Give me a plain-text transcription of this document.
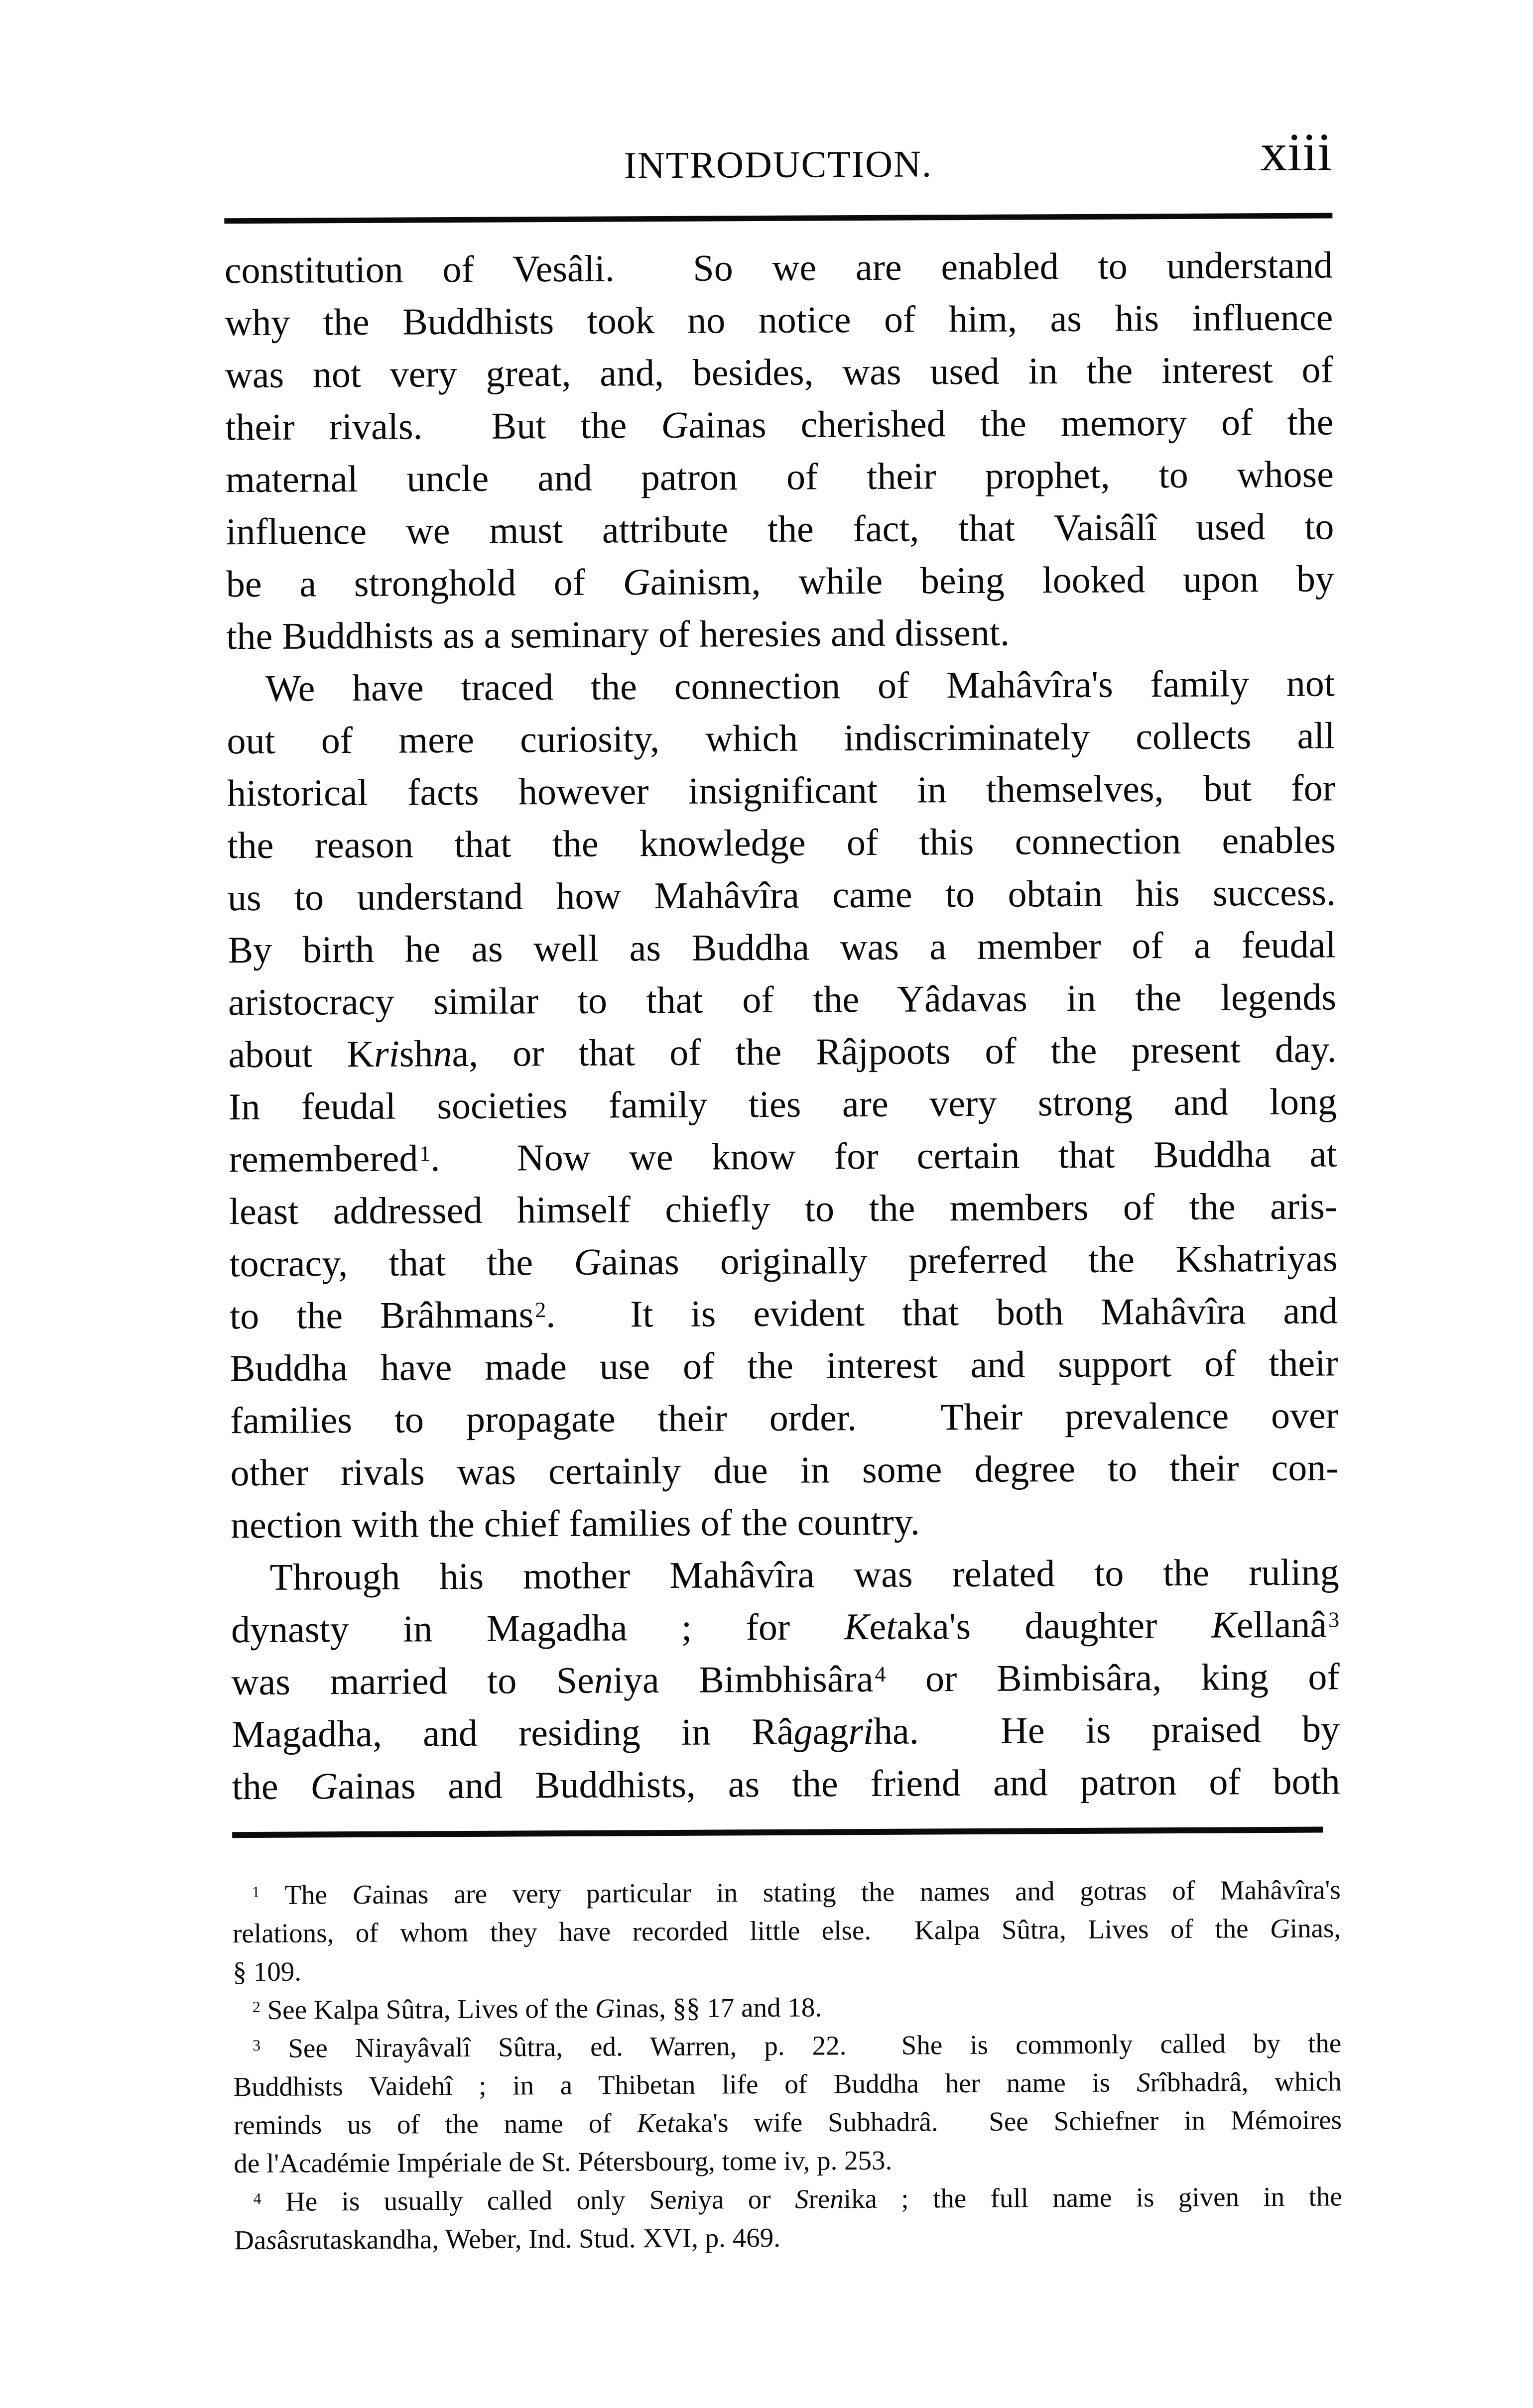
INTRODUCTION.	xiii
constitution of Vesâli.  So we are enabled to understand
why the Buddhists took no notice of him, as his influence
was not very great, and, besides, was used in the interest of
their rivals.  But the Gainas cherished the memory of the
maternal uncle and patron of their prophet, to whose
influence we must attribute the fact, that Vaisâlî used to
be a stronghold of Gainism, while being looked upon by
the Buddhists as a seminary of heresies and dissent.
We have traced the connection of Mahâvîra's family not
out of mere curiosity, which indiscriminately collects all
historical facts however insignificant in themselves, but for
the reason that the knowledge of this connection enables
us to understand how Mahâvîra came to obtain his success.
By birth he as well as Buddha was a member of a feudal
aristocracy similar to that of the Yâdavas in the legends
about Krishna, or that of the Râjpoots of the present day.
In feudal societies family ties are very strong and long
remembered$^1$.  Now we know for certain that Buddha at
least addressed himself chiefly to the members of the aris-
tocracy, that the Gainas originally preferred the Kshatriyas
to the Brâhmans$^2$.  It is evident that both Mahâvîra and
Buddha have made use of the interest and support of their
families to propagate their order.  Their prevalence over
other rivals was certainly due in some degree to their con-
nection with the chief families of the country.
Through his mother Mahâvîra was related to the ruling
dynasty in Magadha ; for Ketaka's daughter Kellanâ$^3$
was married to Seniya Bimbhisâra$^4$ or Bimbisâra, king of
Magadha, and residing in Râgagriha.  He is praised by
the Gainas and Buddhists, as the friend and patron of both
$^1$ The Gainas are very particular in stating the names and gotras of Mahâvîra's
relations, of whom they have recorded little else.  Kalpa Sûtra, Lives of the Ginas,
§ 109.
$^2$ See Kalpa Sûtra, Lives of the Ginas, §§ 17 and 18.
$^3$ See Nirayâvalî Sûtra, ed. Warren, p. 22.  She is commonly called by the
Buddhists Vaidehî ; in a Thibetan life of Buddha her name is Srîbhadrâ, which
reminds us of the name of Ketaka's wife Subhadrâ.  See Schiefner in Mémoires
de l'Académie Impériale de St. Pétersbourg, tome iv, p. 253.
$^4$ He is usually called only Seniya or Srenika ; the full name is given in the
Dasâsrutaskandha, Weber, Ind. Stud. XVI, p. 469.
